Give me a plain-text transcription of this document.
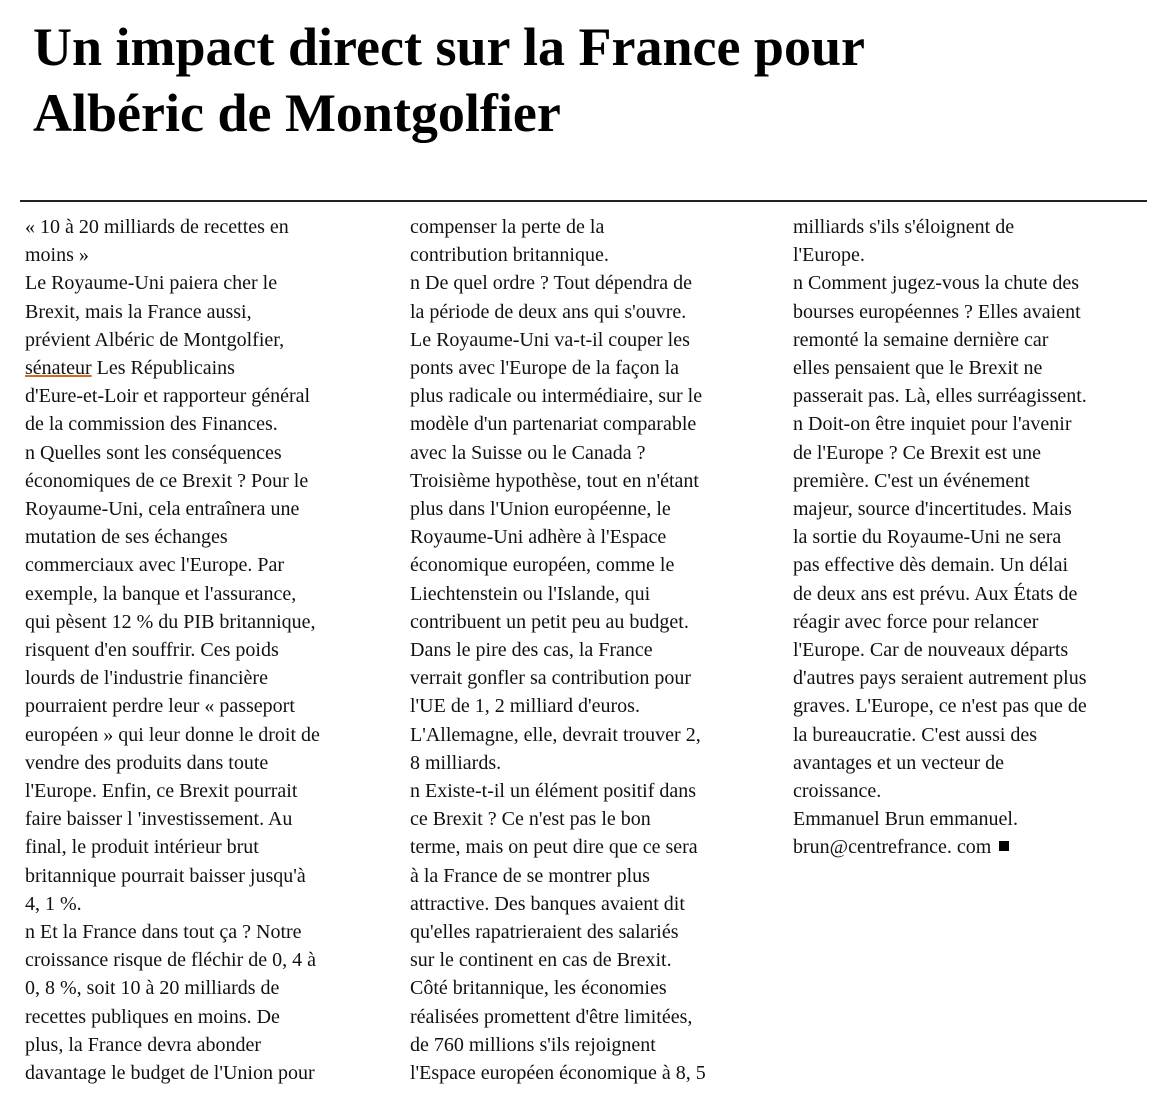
Un impact direct sur la France pour
Albéric de Montgolfier

« 10 à 20 milliards de recettes en

moins »

Le Royaume-Uni paiera cher le

Brexit, mais la France aussi,

prévient Albéric de Montgolfier,

sénateur Les Républicains

d'Eure-et-Loir et rapporteur général

de la commission des Finances.

n Quelles sont les conséquences

économiques de ce Brexit ? Pour le

Royaume-Uni, cela entraînera une

mutation de ses échanges

commerciaux avec l'Europe. Par

exemple, la banque et l'assurance,

qui pèsent 12 % du PIB britannique,

risquent d'en souffrir. Ces poids

lourds de l'industrie financière

pourraient perdre leur « passeport

européen » qui leur donne le droit de

vendre des produits dans toute

l'Europe. Enfin, ce Brexit pourrait

faire baisser l 'investissement. Au

final, le produit intérieur brut

britannique pourrait baisser jusqu'à

4, 1 %.

n Et la France dans tout ça ? Notre

croissance risque de fléchir de 0, 4 à

0, 8 %, soit 10 à 20 milliards de

recettes publiques en moins. De

plus, la France devra abonder

davantage le budget de l'Union pour

compenser la perte de la

contribution britannique.

n De quel ordre ? Tout dépendra de

la période de deux ans qui s'ouvre.

Le Royaume-Uni va-t-il couper les

ponts avec l'Europe de la façon la

plus radicale ou intermédiaire, sur le

modèle d'un partenariat comparable

avec la Suisse ou le Canada ?

Troisième hypothèse, tout en n'étant

plus dans l'Union européenne, le

Royaume-Uni adhère à l'Espace

économique européen, comme le

Liechtenstein ou l'Islande, qui

contribuent un petit peu au budget.

Dans le pire des cas, la France

verrait gonfler sa contribution pour

l'UE de 1, 2 milliard d'euros.

L'Allemagne, elle, devrait trouver 2,

8 milliards.

n Existe-t-il un élément positif dans

ce Brexit ? Ce n'est pas le bon

terme, mais on peut dire que ce sera

à la France de se montrer plus

attractive. Des banques avaient dit

qu'elles rapatrieraient des salariés

sur le continent en cas de Brexit.

Côté britannique, les économies

réalisées promettent d'être limitées,

de 760 millions s'ils rejoignent

l'Espace européen économique à 8, 5

milliards s'ils s'éloignent de

l'Europe.

n Comment jugez-vous la chute des

bourses européennes ? Elles avaient

remonté la semaine dernière car

elles pensaient que le Brexit ne

passerait pas. Là, elles surréagissent.

n Doit-on être inquiet pour l'avenir

de l'Europe ? Ce Brexit est une

première. C'est un événement

majeur, source d'incertitudes. Mais

la sortie du Royaume-Uni ne sera

pas effective dès demain. Un délai

de deux ans est prévu. Aux États de

réagir avec force pour relancer

l'Europe. Car de nouveaux départs

d'autres pays seraient autrement plus

graves. L'Europe, ce n'est pas que de

la bureaucratie. C'est aussi des

avantages et un vecteur de

croissance.

Emmanuel Brun emmanuel.

brun@centrefrance. com
